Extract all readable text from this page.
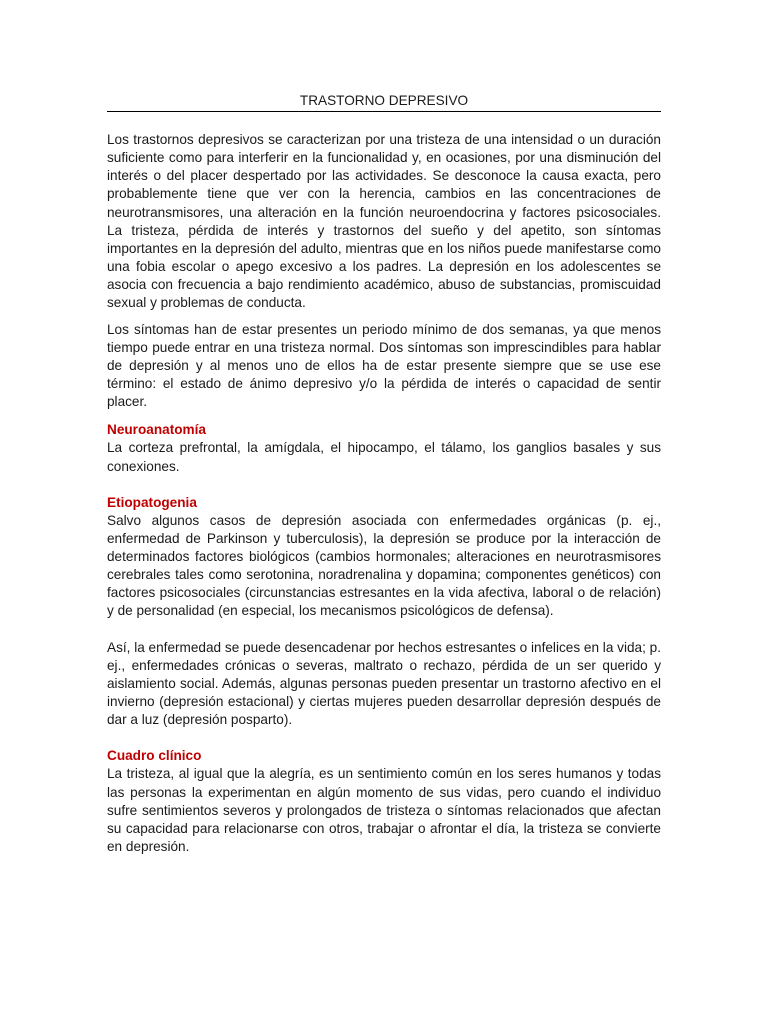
TRASTORNO DEPRESIVO

Los trastornos depresivos se caracterizan por una tristeza de una intensidad o un duración suficiente como para interferir en la funcionalidad y, en ocasiones, por una disminución del interés o del placer despertado por las actividades. Se desconoce la causa exacta, pero probablemente tiene que ver con la herencia, cambios en las concentraciones de neurotransmisores, una alteración en la función neuroendocrina y factores psicosociales. La tristeza, pérdida de interés y trastornos del sueño y del apetito, son síntomas importantes en la depresión del adulto, mientras que en los niños puede manifestarse como una fobia escolar o apego excesivo a los padres. La depresión en los adolescentes se asocia con frecuencia a bajo rendimiento académico, abuso de substancias, promiscuidad sexual y problemas de conducta.

Los síntomas han de estar presentes un periodo mínimo de dos semanas, ya que menos tiempo puede entrar en una tristeza normal. Dos síntomas son imprescindibles para hablar de depresión y al menos uno de ellos ha de estar presente siempre que se use ese término: el estado de ánimo depresivo y/o la pérdida de interés o capacidad de sentir placer.

Neuroanatomía

La corteza prefrontal, la amígdala, el hipocampo, el tálamo, los ganglios basales y sus conexiones.

Etiopatogenia

Salvo algunos casos de depresión asociada con enfermedades orgánicas (p. ej., enfermedad de Parkinson y tuberculosis), la depresión se produce por la interacción de determinados factores biológicos (cambios hormonales; alteraciones en neurotrasmisores cerebrales tales como serotonina, noradrenalina y dopamina; componentes genéticos) con factores psicosociales (circunstancias estresantes en la vida afectiva, laboral o de relación) y de personalidad (en especial, los mecanismos psicológicos de defensa).

Así, la enfermedad se puede desencadenar por hechos estresantes o infelices en la vida; p. ej., enfermedades crónicas o severas, maltrato o rechazo, pérdida de un ser querido y aislamiento social. Además, algunas personas pueden presentar un trastorno afectivo en el invierno (depresión estacional) y ciertas mujeres pueden desarrollar depresión después de dar a luz (depresión posparto).

Cuadro clínico

La tristeza, al igual que la alegría, es un sentimiento común en los seres humanos y todas las personas la experimentan en algún momento de sus vidas, pero cuando el individuo sufre sentimientos severos y prolongados de tristeza o síntomas relacionados que afectan su capacidad para relacionarse con otros, trabajar o afrontar el día, la tristeza se convierte en depresión.
